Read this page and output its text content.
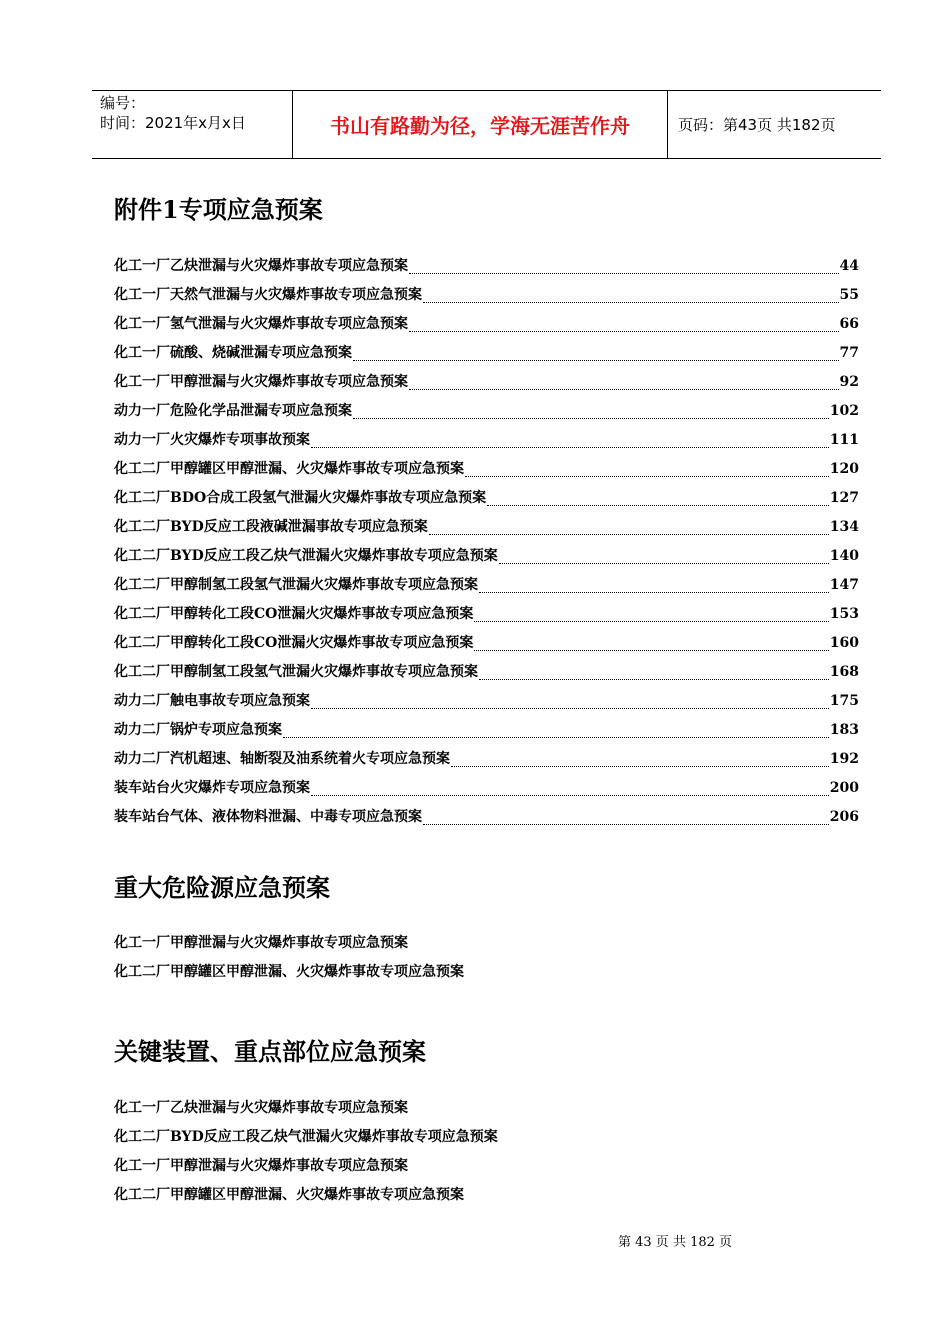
编号：
时间：2021年x月x日	书山有路勤为径，学海无涯苦作舟	页码：第43页 共182页
附件1专项应急预案
化工一厂乙炔泄漏与火灾爆炸事故专项应急预案	44
化工一厂天然气泄漏与火灾爆炸事故专项应急预案	55
化工一厂氢气泄漏与火灾爆炸事故专项应急预案	66
化工一厂硫酸、烧碱泄漏专项应急预案	77
化工一厂甲醇泄漏与火灾爆炸事故专项应急预案	92
动力一厂危险化学品泄漏专项应急预案	102
动力一厂火灾爆炸专项事故预案	111
化工二厂甲醇罐区甲醇泄漏、火灾爆炸事故专项应急预案	120
化工二厂BDO合成工段氢气泄漏火灾爆炸事故专项应急预案	127
化工二厂BYD反应工段液碱泄漏事故专项应急预案	134
化工二厂BYD反应工段乙炔气泄漏火灾爆炸事故专项应急预案	140
化工二厂甲醇制氢工段氢气泄漏火灾爆炸事故专项应急预案	147
化工二厂甲醇转化工段CO泄漏火灾爆炸事故专项应急预案	153
化工二厂甲醇转化工段CO泄漏火灾爆炸事故专项应急预案	160
化工二厂甲醇制氢工段氢气泄漏火灾爆炸事故专项应急预案	168
动力二厂触电事故专项应急预案	175
动力二厂锅炉专项应急预案	183
动力二厂汽机超速、轴断裂及油系统着火专项应急预案	192
装车站台火灾爆炸专项应急预案	200
装车站台气体、液体物料泄漏、中毒专项应急预案	206
重大危险源应急预案
化工一厂甲醇泄漏与火灾爆炸事故专项应急预案
化工二厂甲醇罐区甲醇泄漏、火灾爆炸事故专项应急预案
关键装置、重点部位应急预案
化工一厂乙炔泄漏与火灾爆炸事故专项应急预案
化工二厂BYD反应工段乙炔气泄漏火灾爆炸事故专项应急预案
化工一厂甲醇泄漏与火灾爆炸事故专项应急预案
化工二厂甲醇罐区甲醇泄漏、火灾爆炸事故专项应急预案
第 43 页 共 182 页
